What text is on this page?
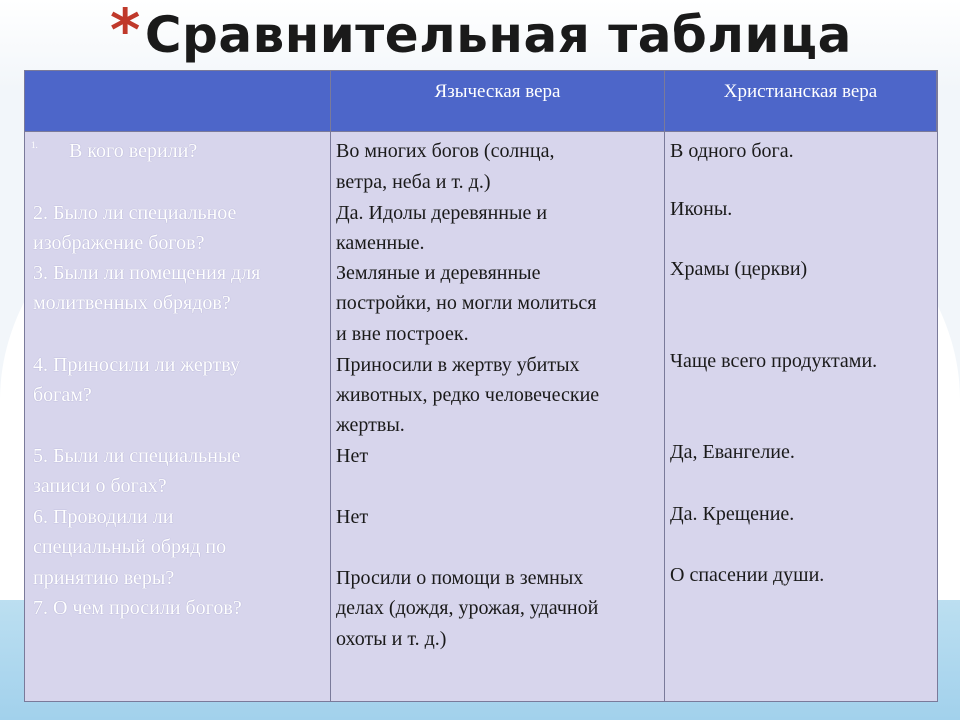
* Сравнительная таблица
Языческая вера	Христианская вера
1. В кого верили?
2. Было ли специальное
изображение богов?
3. Были ли помещения для
молитвенных обрядов?
4. Приносили ли жертву
богам?
5. Были ли специальные
записи о богах?
6. Проводили ли
специальный обряд по
принятию веры?
7. О чем просили богов?
Во многих богов (солнца,
ветра, неба и т. д.)
Да. Идолы деревянные и
каменные.
Земляные и деревянные
постройки, но могли молиться
и вне построек.
Приносили в жертву убитых
животных, редко человеческие
жертвы.
Нет
Нет
Просили о помощи в земных
делах (дождя, урожая, удачной
охоты и т. д.)
В одного бога.
Иконы.
Храмы (церкви)
Чаще всего продуктами.
Да, Евангелие.
Да. Крещение.
О спасении души.
